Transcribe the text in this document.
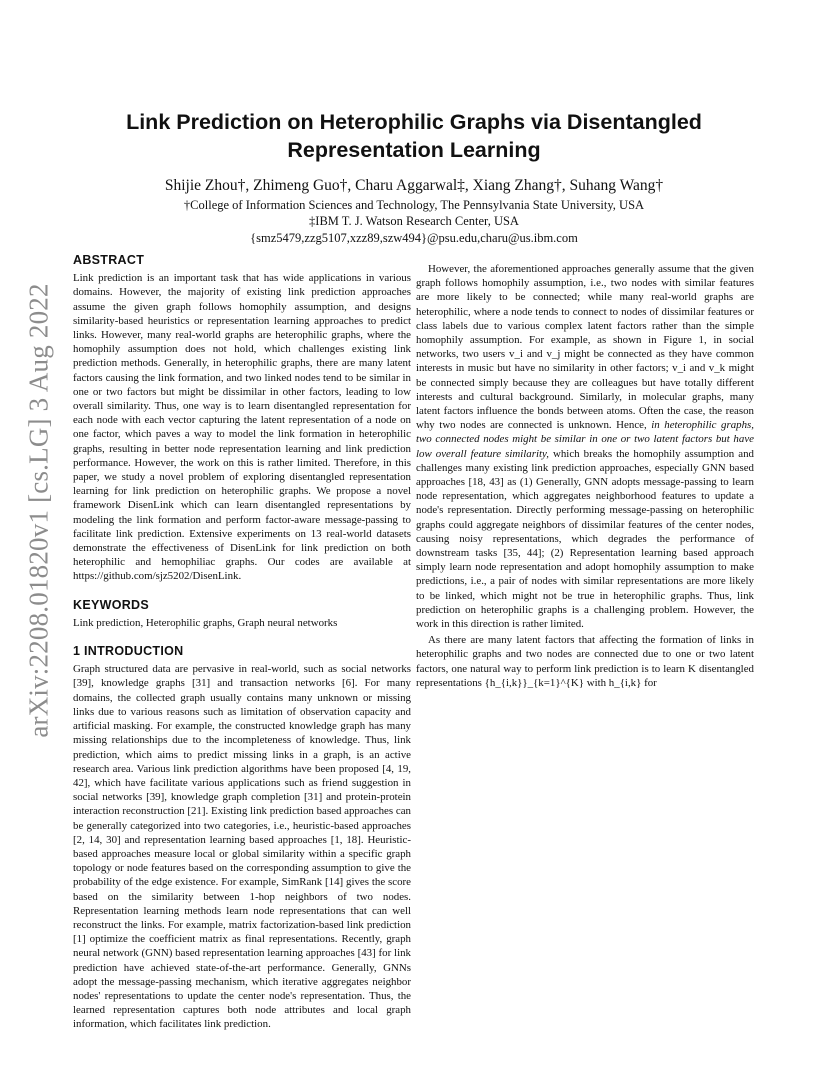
arXiv:2208.01820v1 [cs.LG] 3 Aug 2022
Link Prediction on Heterophilic Graphs via Disentangled Representation Learning
Shijie Zhou†, Zhimeng Guo†, Charu Aggarwal‡, Xiang Zhang†, Suhang Wang†
†College of Information Sciences and Technology, The Pennsylvania State University, USA
‡IBM T. J. Watson Research Center, USA
{smz5479,zzg5107,xzz89,szw494}@psu.edu,charu@us.ibm.com
ABSTRACT

Link prediction is an important task that has wide applications in various domains. However, the majority of existing link prediction approaches assume the given graph follows homophily assumption, and designs similarity-based heuristics or representation learning approaches to predict links. However, many real-world graphs are heterophilic graphs, where the homophily assumption does not hold, which challenges existing link prediction methods. Generally, in heterophilic graphs, there are many latent factors causing the link formation, and two linked nodes tend to be similar in one or two factors but might be dissimilar in other factors, leading to low overall similarity. Thus, one way is to learn disentangled representation for each node with each vector capturing the latent representation of a node on one factor, which paves a way to model the link formation in heterophilic graphs, resulting in better node representation learning and link prediction performance. However, the work on this is rather limited. Therefore, in this paper, we study a novel problem of exploring disentangled representation learning for link prediction on heterophilic graphs. We propose a novel framework DisenLink which can learn disentangled representations by modeling the link formation and perform factor-aware message-passing to facilitate link prediction. Extensive experiments on 13 real-world datasets demonstrate the effectiveness of DisenLink for link prediction on both heterophilic and hemophiliac graphs. Our codes are available at https://github.com/sjz5202/DisenLink.

KEYWORDS

Link prediction, Heterophilic graphs, Graph neural networks

1 INTRODUCTION

Graph structured data are pervasive in real-world, such as social networks [39], knowledge graphs [31] and transaction networks [6]. For many domains, the collected graph usually contains many unknown or missing links due to various reasons such as limitation of observation capacity and artificial masking. For example, the constructed knowledge graph has many missing relationships due to the incompleteness of knowledge. Thus, link prediction, which aims to predict missing links in a graph, is an active research area. Various link prediction algorithms have been proposed [4, 19, 42], which have facilitate various applications such as friend suggestion in social networks [39], knowledge graph completion [31] and protein-protein interaction reconstruction [21]. Existing link prediction based approaches can be generally categorized into two categories, i.e., heuristic-based approaches [2, 14, 30] and representation learning based approaches [1, 18]. Heuristic-based approaches measure local or global similarity within a specific graph topology or node features based on the corresponding assumption to give the probability of the edge existence. For example, SimRank [14] gives the score based on the similarity between 1-hop neighbors of two nodes. Representation learning methods learn node representations that can well reconstruct the links. For example, matrix factorization-based link prediction [1] optimize the coefficient matrix as final representations. Recently, graph neural network (GNN) based representation learning approaches [43] for link prediction have achieved state-of-the-art performance. Generally, GNNs adopt the message-passing mechanism, which iterative aggregates neighbor nodes' representations to update the center node's representation. Thus, the learned representation captures both node attributes and local graph information, which facilitates link prediction.

However, the aforementioned approaches generally assume that the given graph follows homophily assumption, i.e., two nodes with similar features are more likely to be connected; while many real-world graphs are heterophilic, where a node tends to connect to nodes of dissimilar features or class labels due to various complex latent factors rather than the simple homophily assumption. For example, as shown in Figure 1, in social networks, two users v_i and v_j might be connected as they have common interests in music but have no similarity in other factors; v_i and v_k might be connected simply because they are colleagues but have totally different interests and cultural background. Similarly, in molecular graphs, many latent factors influence the bonds between atoms. Often the case, the reason why two nodes are connected is unknown. Hence, in heterophilic graphs, two connected nodes might be similar in one or two latent factors but have low overall feature similarity, which breaks the homophily assumption and challenges many existing link prediction approaches, especially GNN based approaches [18, 43] as (1) Generally, GNN adopts message-passing to learn node representation, which aggregates neighborhood features to update a node's representation. Directly performing message-passing on heterophilic graphs could aggregate neighbors of dissimilar features of the center nodes, causing noisy representations, which degrades the performance of downstream tasks [35, 44]; (2) Representation learning based approach simply learn node representation and adopt homophily assumption to make predictions, i.e., a pair of nodes with similar representations are more likely to be linked, which might not be true in heterophilic graphs. Thus, link prediction on heterophilic graphs is a challenging problem. However, the work in this direction is rather limited.

As there are many latent factors that affecting the formation of links in heterophilic graphs and two nodes are connected due to one or two latent factors, one natural way to perform link prediction is to learn K disentangled representations {h_{i,k}}_{k=1}^{K} with h_{i,k} for
